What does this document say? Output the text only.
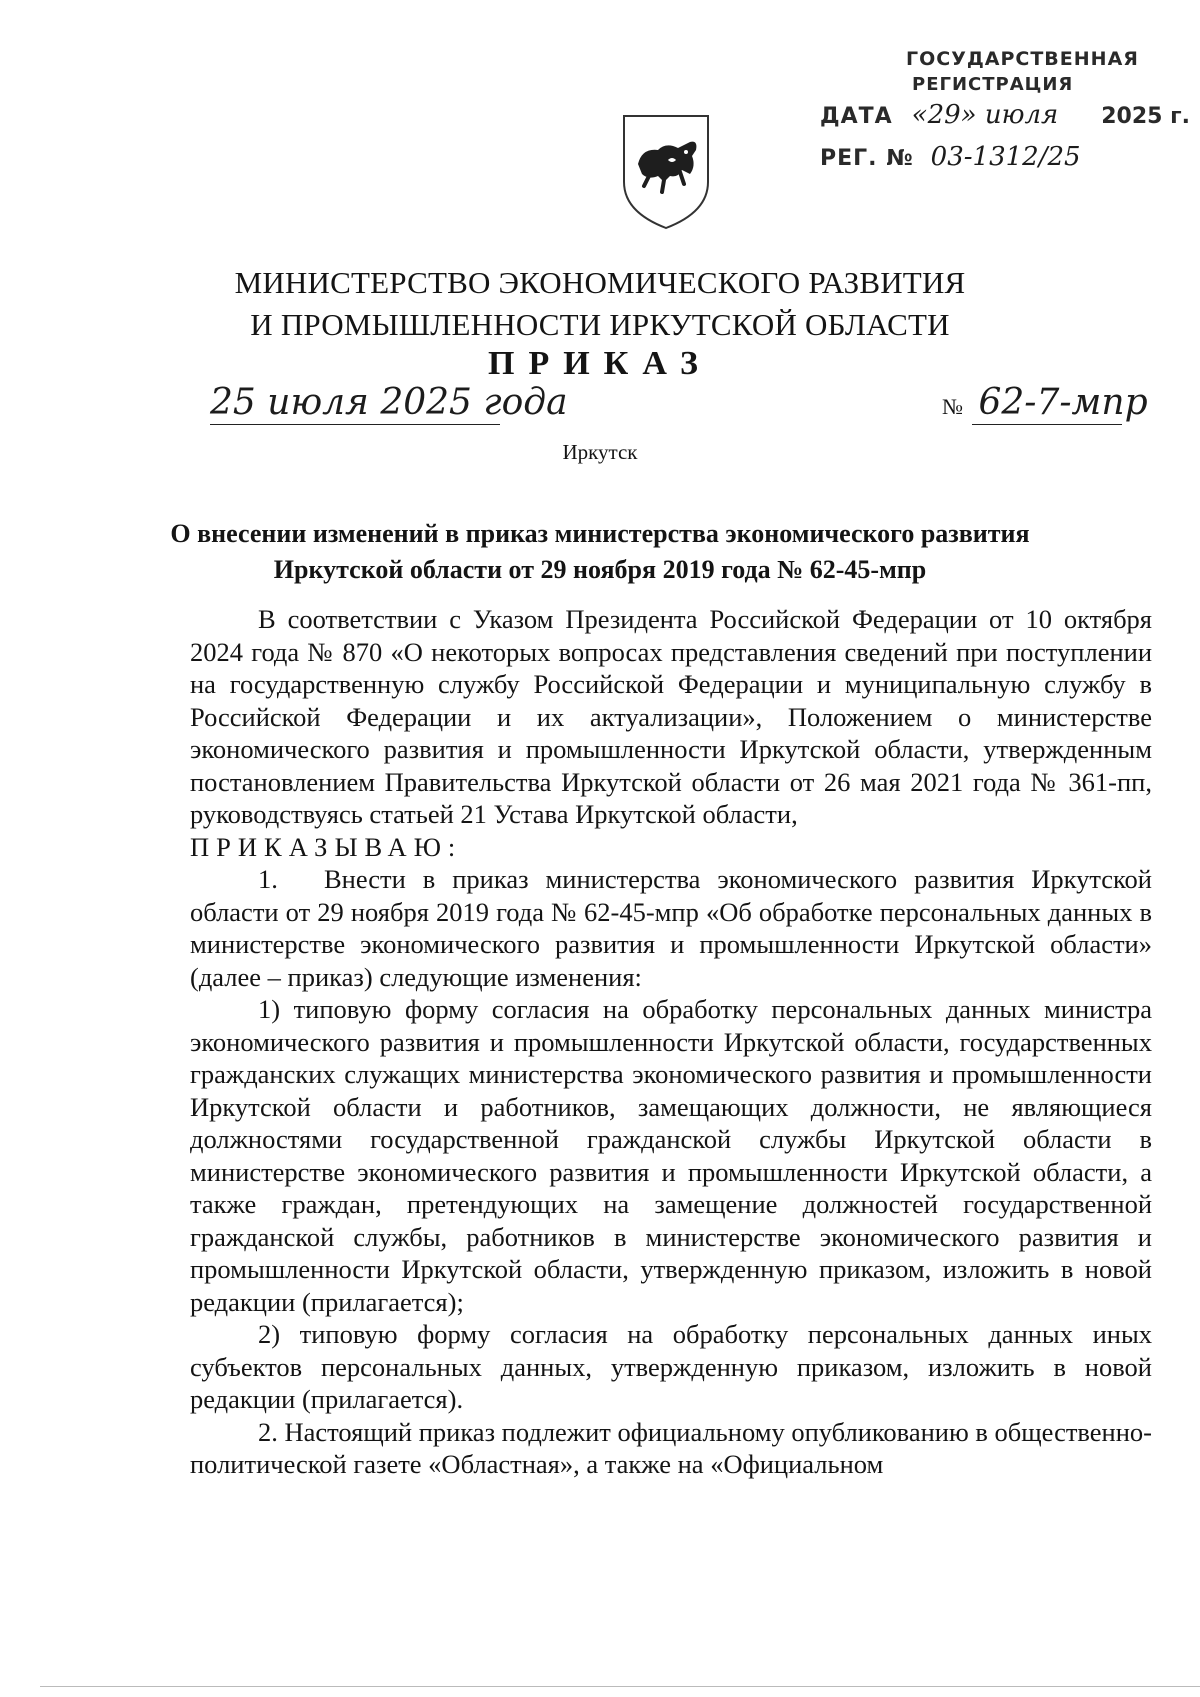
ГОСУДАРСТВЕННАЯ
РЕГИСТРАЦИЯ
ДАТА «29» июля 2025 г.
РЕГ. № 03-1312/25
МИНИСТЕРСТВО ЭКОНОМИЧЕСКОГО РАЗВИТИЯ
И ПРОМЫШЛЕННОСТИ ИРКУТСКОЙ ОБЛАСТИ
ПРИКАЗ
25 июля 2025 года	№ 62-7-мпр
Иркутск
О внесении изменений в приказ министерства экономического развития
Иркутской области от 29 ноября 2019 года № 62-45-мпр

В соответствии с Указом Президента Российской Федерации от 10 октября 2024 года № 870 «О некоторых вопросах представления сведений при поступлении на государственную службу Российской Федерации и муниципальную службу в Российской Федерации и их актуализации», Положением о министерстве экономического развития и промышленности Иркутской области, утвержденным постановлением Правительства Иркутской области от 26 мая 2021 года № 361-пп, руководствуясь статьей 21 Устава Иркутской области,

ПРИКАЗЫВАЮ:

1. Внести в приказ министерства экономического развития Иркутской области от 29 ноября 2019 года № 62-45-мпр «Об обработке персональных данных в министерстве экономического развития и промышленности Иркутской области» (далее – приказ) следующие изменения:

1) типовую форму согласия на обработку персональных данных министра экономического развития и промышленности Иркутской области, государственных гражданских служащих министерства экономического развития и промышленности Иркутской области и работников, замещающих должности, не являющиеся должностями государственной гражданской службы Иркутской области в министерстве экономического развития и промышленности Иркутской области, а также граждан, претендующих на замещение должностей государственной гражданской службы, работников в министерстве экономического развития и промышленности Иркутской области, утвержденную приказом, изложить в новой редакции (прилагается);

2) типовую форму согласия на обработку персональных данных иных субъектов персональных данных, утвержденную приказом, изложить в новой редакции (прилагается).

2. Настоящий приказ подлежит официальному опубликованию в общественно-политической газете «Областная», а также на «Официальном
